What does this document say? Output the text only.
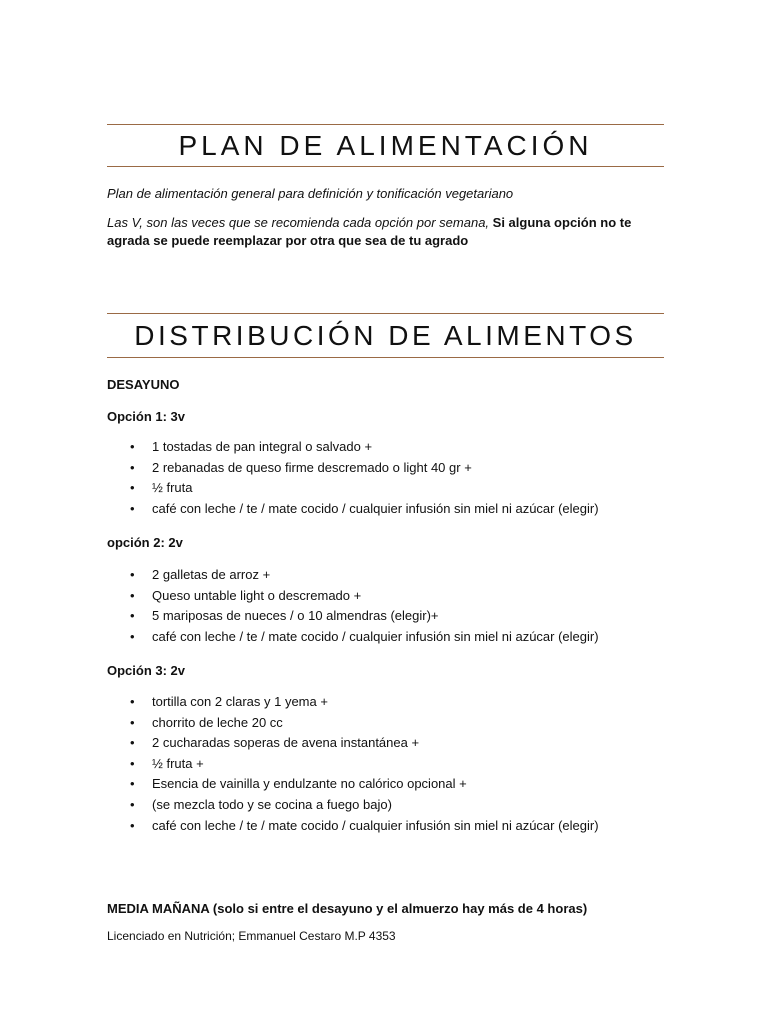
PLAN DE ALIMENTACIÓN
Plan de alimentación general para definición y tonificación vegetariano
Las V, son las veces que se recomienda cada opción por semana, Si alguna opción no te agrada se puede reemplazar por otra que sea de tu agrado
DISTRIBUCIÓN DE ALIMENTOS
DESAYUNO
Opción 1: 3v
• 1 tostadas de pan integral o salvado +
• 2 rebanadas de queso firme descremado o light 40 gr +
• ½ fruta
• café con leche / te / mate cocido / cualquier infusión sin miel ni azúcar (elegir)
opción 2: 2v
• 2 galletas de arroz +
• Queso untable light o descremado +
• 5 mariposas de nueces / o 10 almendras (elegir)+
• café con leche / te / mate cocido / cualquier infusión sin miel ni azúcar (elegir)
Opción 3: 2v
• tortilla con 2 claras y 1 yema +
• chorrito de leche 20 cc
• 2 cucharadas soperas de avena instantánea +
• ½ fruta +
• Esencia de vainilla y endulzante no calórico opcional +
• (se mezcla todo y se cocina a fuego bajo)
• café con leche / te / mate cocido / cualquier infusión sin miel ni azúcar (elegir)
MEDIA MAÑANA (solo si entre el desayuno y el almuerzo hay más de 4 horas)
Licenciado en Nutrición; Emmanuel Cestaro M.P 4353
